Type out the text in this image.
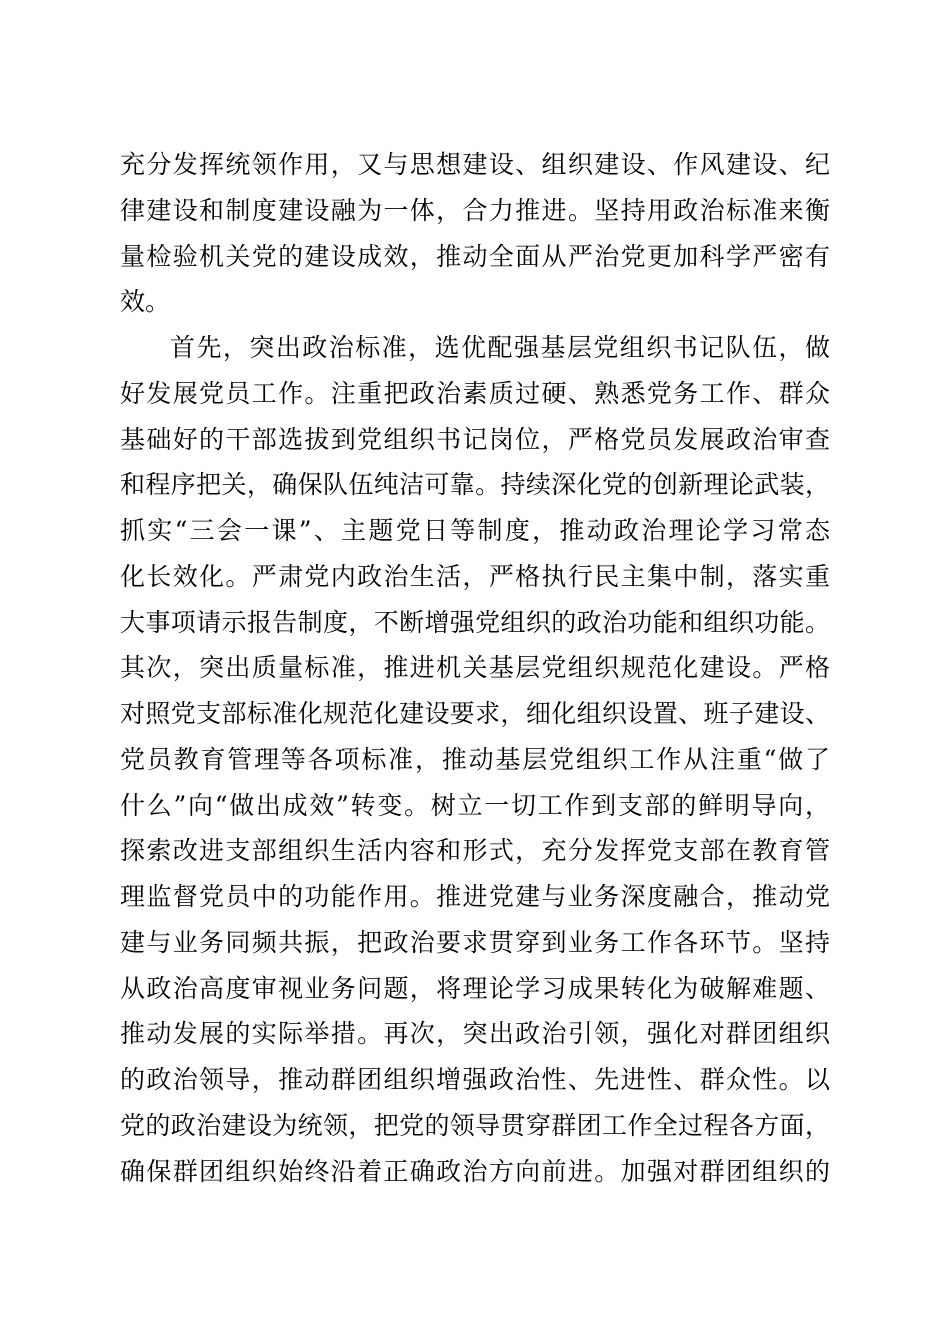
充分发挥统领作用，又与思想建设、组织建设、作风建设、纪
律建设和制度建设融为一体，合力推进。坚持用政治标准来衡
量检验机关党的建设成效，推动全面从严治党更加科学严密有
效。
首先，突出政治标准，选优配强基层党组织书记队伍，做
好发展党员工作。注重把政治素质过硬、熟悉党务工作、群众
基础好的干部选拔到党组织书记岗位，严格党员发展政治审查
和程序把关，确保队伍纯洁可靠。持续深化党的创新理论武装，
抓实“三会一课”、主题党日等制度，推动政治理论学习常态
化长效化。严肃党内政治生活，严格执行民主集中制，落实重
大事项请示报告制度，不断增强党组织的政治功能和组织功能。
其次，突出质量标准，推进机关基层党组织规范化建设。严格
对照党支部标准化规范化建设要求，细化组织设置、班子建设、
党员教育管理等各项标准，推动基层党组织工作从注重“做了
什么”向“做出成效”转变。树立一切工作到支部的鲜明导向，
探索改进支部组织生活内容和形式，充分发挥党支部在教育管
理监督党员中的功能作用。推进党建与业务深度融合，推动党
建与业务同频共振，把政治要求贯穿到业务工作各环节。坚持
从政治高度审视业务问题，将理论学习成果转化为破解难题、
推动发展的实际举措。再次，突出政治引领，强化对群团组织
的政治领导，推动群团组织增强政治性、先进性、群众性。以
党的政治建设为统领，把党的领导贯穿群团工作全过程各方面，
确保群团组织始终沿着正确政治方向前进。加强对群团组织的
